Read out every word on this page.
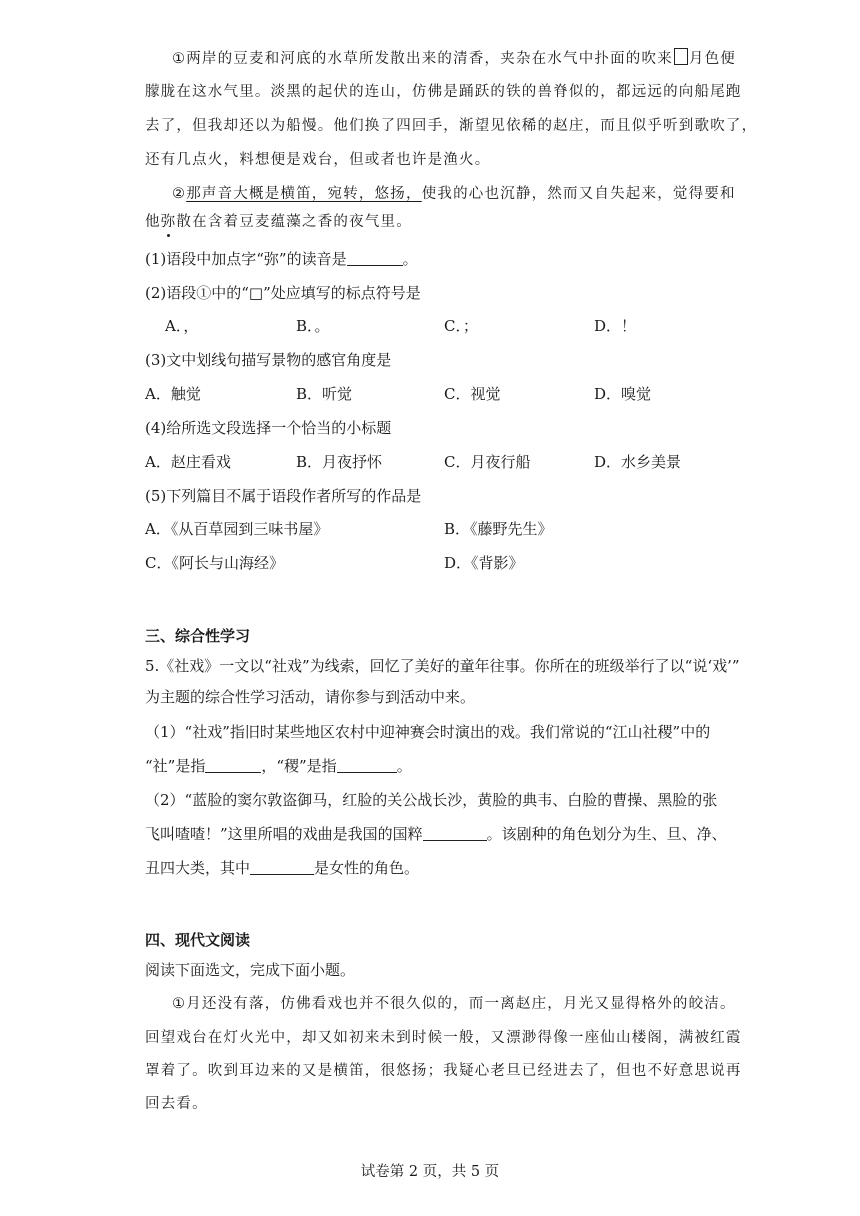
①两岸的豆麦和河底的水草所发散出来的清香，夹杂在水气中扑面的吹来 月色便
朦胧在这水气里。淡黑的起伏的连山，仿佛是踊跃的铁的兽脊似的，都远远的向船尾跑
去了，但我却还以为船慢。他们换了四回手，渐望见依稀的赵庄，而且似乎听到歌吹了，
还有几点火，料想便是戏台，但或者也许是渔火。
②那声音大概是横笛，宛转，悠扬，使我的心也沉静，然而又自失起来，觉得要和
他弥散在含着豆麦蕴藻之香的夜气里。
(1)语段中加点字“弥”的读音是	。
(2)语段①中的“□”处应填写的标点符号是
A．，	B．。	C．；	D．！
(3)文中划线句描写景物的感官角度是
A．触觉	B．听觉	C．视觉	D．嗅觉
(4)给所选文段选择一个恰当的小标题
A．赵庄看戏	B．月夜抒怀	C．月夜行船	D．水乡美景
(5)下列篇目不属于语段作者所写的作品是
A．《从百草园到三味书屋》	B．《藤野先生》
C．《阿长与山海经》	D．《背影》
三、综合性学习
5.《社戏》一文以“社戏”为线索，回忆了美好的童年往事。你所在的班级举行了以“说‘戏’”
为主题的综合性学习活动，请你参与到活动中来。
（1）“社戏”指旧时某些地区农村中迎神赛会时演出的戏。我们常说的“江山社稷”中的
“社”是指	，“稷”是指	。
（2）“蓝脸的窦尔敦盗御马，红脸的关公战长沙，黄脸的典韦、白脸的曹操、黑脸的张
飞叫喳喳！”这里所唱的戏曲是我国的国粹	。该剧种的角色划分为生、旦、净、
丑四大类，其中	是女性的角色。
四、现代文阅读
阅读下面选文，完成下面小题。
①月还没有落，仿佛看戏也并不很久似的，而一离赵庄，月光又显得格外的皎洁。
回望戏台在灯火光中，却又如初来未到时候一般，又漂渺得像一座仙山楼阁，满被红霞
罩着了。吹到耳边来的又是横笛，很悠扬；我疑心老旦已经进去了，但也不好意思说再
回去看。
试卷第 2 页，共 5 页
